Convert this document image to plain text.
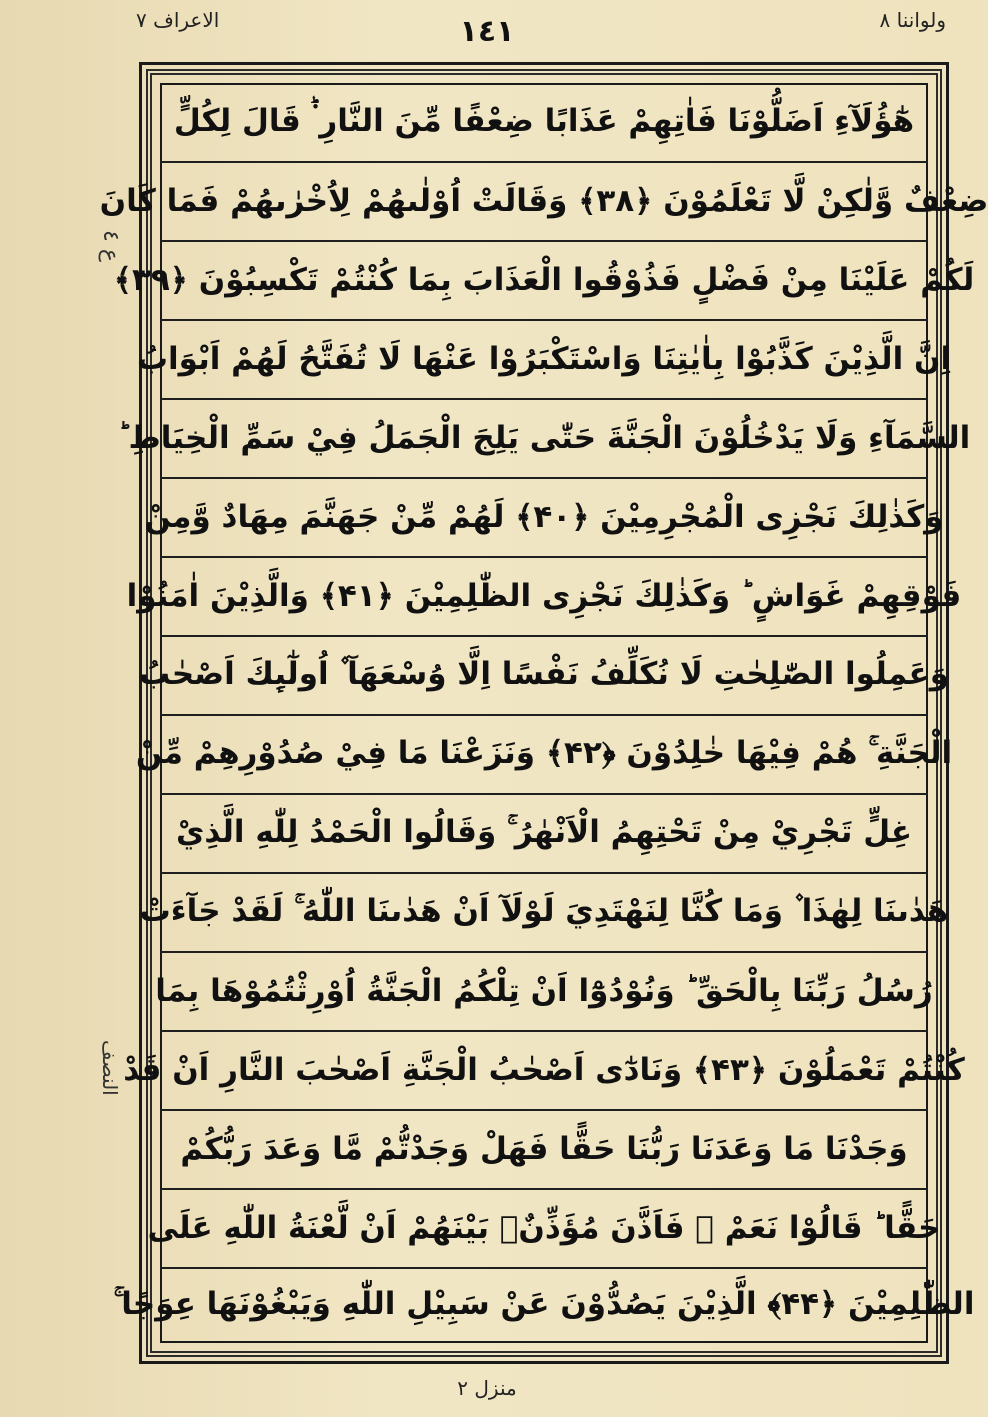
ولواننا ٨
١٤١
الاعراف ٧
ع ٤
النصف
هٰٓؤُلَآءِ اَضَلُّوْنَا فَاٰتِهِمْ عَذَابًا ضِعْفًا مِّنَ النَّارِ ۬ؕ قَالَ لِكُلٍّ
ضِعْفٌ وَّلٰكِنْ لَّا تَعْلَمُوْنَ ﴿۳۸﴾ وَقَالَتْ اُوْلٰىهُمْ لِاُخْرٰىهُمْ فَمَا كَانَ
لَكُمْ عَلَيْنَا مِنْ فَضْلٍ فَذُوْقُوا الْعَذَابَ بِمَا كُنْتُمْ تَكْسِبُوْنَ ﴿۳۹﴾
اِنَّ الَّذِيْنَ كَذَّبُوْا بِاٰيٰتِنَا وَاسْتَكْبَرُوْا عَنْهَا لَا تُفَتَّحُ لَهُمْ اَبْوَابُ
السَّمَآءِ وَلَا يَدْخُلُوْنَ الْجَنَّةَ حَتّٰى يَلِجَ الْجَمَلُ فِيْ سَمِّ الْخِيَاطِ ؕ
وَكَذٰلِكَ نَجْزِى الْمُجْرِمِيْنَ ﴿۴۰﴾ لَهُمْ مِّنْ جَهَنَّمَ مِهَادٌ وَّمِنْ
فَوْقِهِمْ غَوَاشٍ ؕ وَكَذٰلِكَ نَجْزِى الظّٰلِمِيْنَ ﴿۴۱﴾ وَالَّذِيْنَ اٰمَنُوْا
وَعَمِلُوا الصّٰلِحٰتِ لَا نُكَلِّفُ نَفْسًا اِلَّا وُسْعَهَآ ۫ اُولٰٓىِٕكَ اَصْحٰبُ
الْجَنَّةِ ۚ هُمْ فِيْهَا خٰلِدُوْنَ ﴿۴۲﴾ وَنَزَعْنَا مَا فِيْ صُدُوْرِهِمْ مِّنْ
غِلٍّ تَجْرِيْ مِنْ تَحْتِهِمُ الْاَنْهٰرُ ۚ وَقَالُوا الْحَمْدُ لِلّٰهِ الَّذِيْ
هَدٰىنَا لِهٰذَا ۫ وَمَا كُنَّا لِنَهْتَدِيَ لَوْلَآ اَنْ هَدٰىنَا اللّٰهُ ۚ لَقَدْ جَآءَتْ
رُسُلُ رَبِّنَا بِالْحَقِّ ؕ وَنُوْدُوْٓا اَنْ تِلْكُمُ الْجَنَّةُ اُوْرِثْتُمُوْهَا بِمَا
كُنْتُمْ تَعْمَلُوْنَ ﴿۴۳﴾ وَنَادٰٓى اَصْحٰبُ الْجَنَّةِ اَصْحٰبَ النَّارِ اَنْ قَدْ
وَجَدْنَا مَا وَعَدَنَا رَبُّنَا حَقًّا فَهَلْ وَجَدْتُّمْ مَّا وَعَدَ رَبُّكُمْ
حَقًّا ؕ قَالُوْا نَعَمْ ۚ فَاَذَّنَ مُؤَذِّنٌۢ بَيْنَهُمْ اَنْ لَّعْنَةُ اللّٰهِ عَلَى
الظّٰلِمِيْنَ ﴿۴۴﴾ الَّذِيْنَ يَصُدُّوْنَ عَنْ سَبِيْلِ اللّٰهِ وَيَبْغُوْنَهَا عِوَجًا ۚ
منزل ٢
